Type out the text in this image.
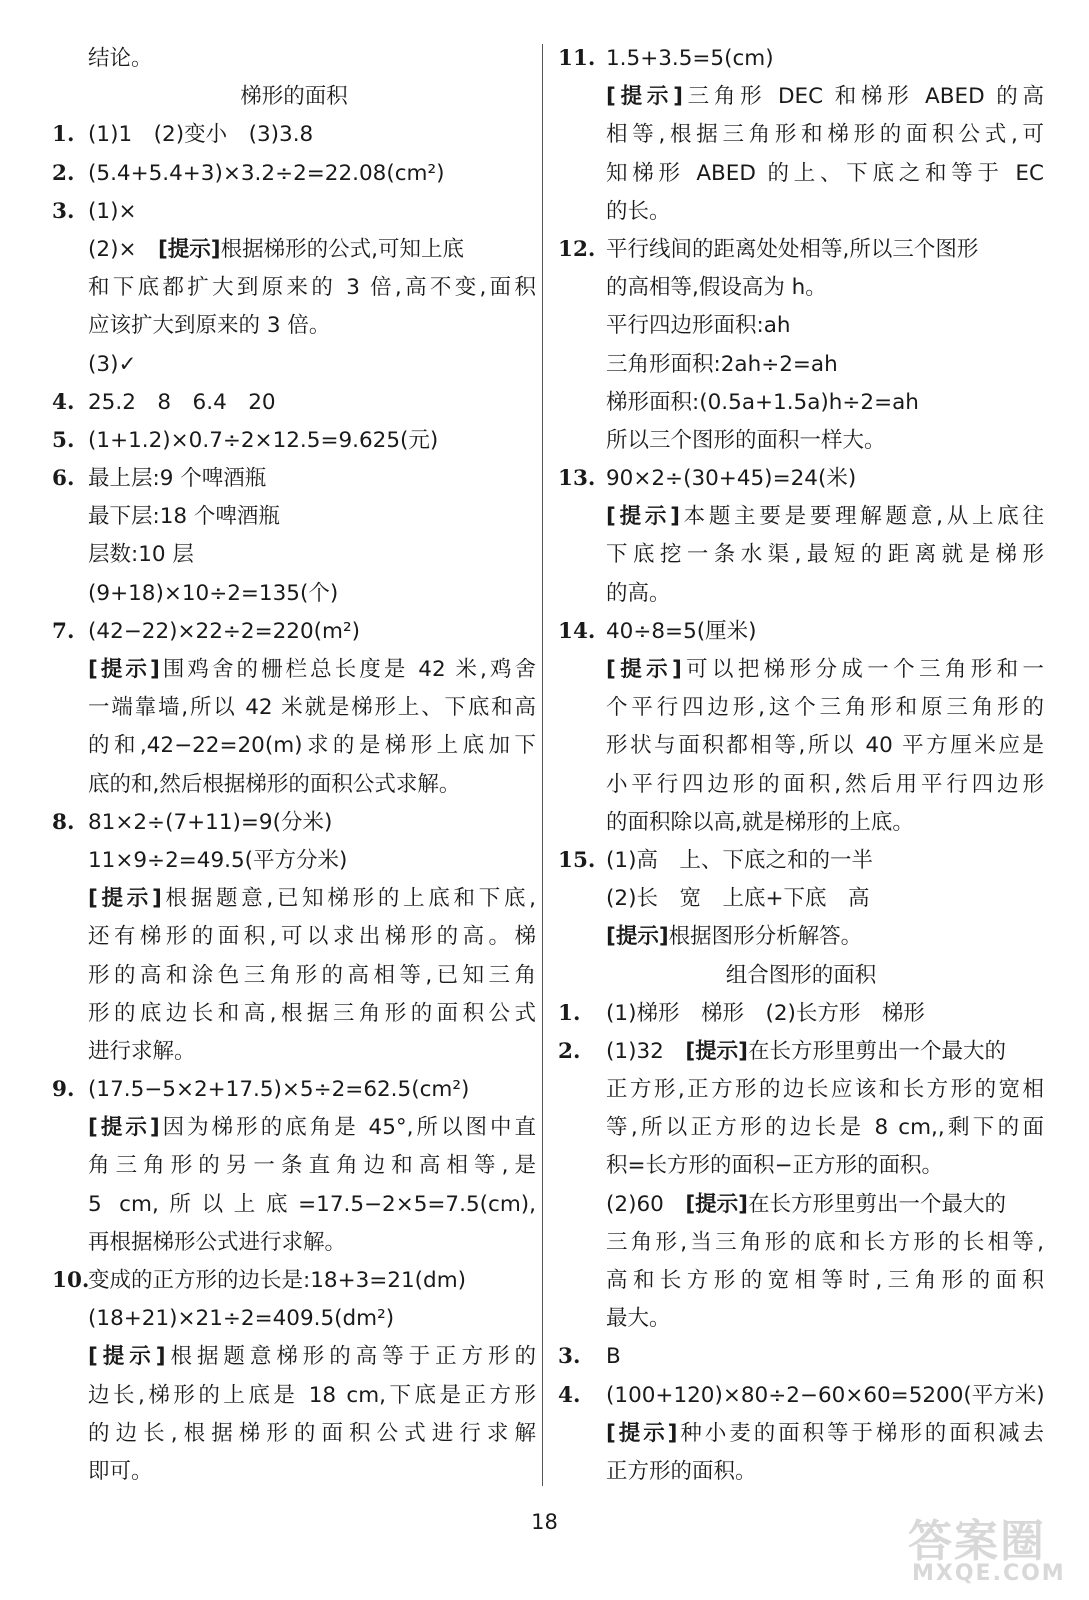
结论。
梯形的面积
1. (1)1　(2)变小　(3)3.8
2. (5.4+5.4+3)×3.2÷2=22.08(cm²)
3. (1)×
(2)×　[提示]根据梯形的公式,可知上底
和下底都扩大到原来的 3 倍,高不变,面积
应该扩大到原来的 3 倍。
(3)✓
4. 25.2　8　6.4　20
5. (1+1.2)×0.7÷2×12.5=9.625(元)
6. 最上层:9 个啤酒瓶
最下层:18 个啤酒瓶
层数:10 层
(9+18)×10÷2=135(个)
7. (42−22)×22÷2=220(m²)
[提示]围鸡舍的栅栏总长度是 42 米,鸡舍
一端靠墙,所以 42 米就是梯形上、下底和高
的和,42−22=20(m)求的是梯形上底加下
底的和,然后根据梯形的面积公式求解。
8. 81×2÷(7+11)=9(分米)
11×9÷2=49.5(平方分米)
[提示]根据题意,已知梯形的上底和下底,
还有梯形的面积,可以求出梯形的高。梯
形的高和涂色三角形的高相等,已知三角
形的底边长和高,根据三角形的面积公式
进行求解。
9. (17.5−5×2+17.5)×5÷2=62.5(cm²)
[提示]因为梯形的底角是 45°,所以图中直
角三角形的另一条直角边和高相等,是
5 cm,所以上底=17.5−2×5=7.5(cm),
再根据梯形公式进行求解。
10.变成的正方形的边长是:18+3=21(dm)
(18+21)×21÷2=409.5(dm²)
[提示]根据题意梯形的高等于正方形的
边长,梯形的上底是 18 cm,下底是正方形
的边长,根据梯形的面积公式进行求解
即可。
11. 1.5+3.5=5(cm)
[提示]三角形 DEC 和梯形 ABED 的高
相等,根据三角形和梯形的面积公式,可
知梯形 ABED 的上、下底之和等于 EC
的长。
12. 平行线间的距离处处相等,所以三个图形
的高相等,假设高为 h。
平行四边形面积:ah
三角形面积:2ah÷2=ah
梯形面积:(0.5a+1.5a)h÷2=ah
所以三个图形的面积一样大。
13. 90×2÷(30+45)=24(米)
[提示]本题主要是要理解题意,从上底往
下底挖一条水渠,最短的距离就是梯形
的高。
14. 40÷8=5(厘米)
[提示]可以把梯形分成一个三角形和一
个平行四边形,这个三角形和原三角形的
形状与面积都相等,所以 40 平方厘米应是
小平行四边形的面积,然后用平行四边形
的面积除以高,就是梯形的上底。
15. (1)高　上、下底之和的一半
(2)长　宽　上底+下底　高
[提示]根据图形分析解答。
组合图形的面积
1. (1)梯形　梯形　(2)长方形　梯形
2. (1)32　[提示]在长方形里剪出一个最大的
正方形,正方形的边长应该和长方形的宽相
等,所以正方形的边长是 8 cm,,剩下的面
积=长方形的面积−正方形的面积。
(2)60　[提示]在长方形里剪出一个最大的
三角形,当三角形的底和长方形的长相等,
高和长方形的宽相等时,三角形的面积
最大。
3. B
4. (100+120)×80÷2−60×60=5200(平方米)
[提示]种小麦的面积等于梯形的面积减去
正方形的面积。
18	答案圈
MXQE.COM
